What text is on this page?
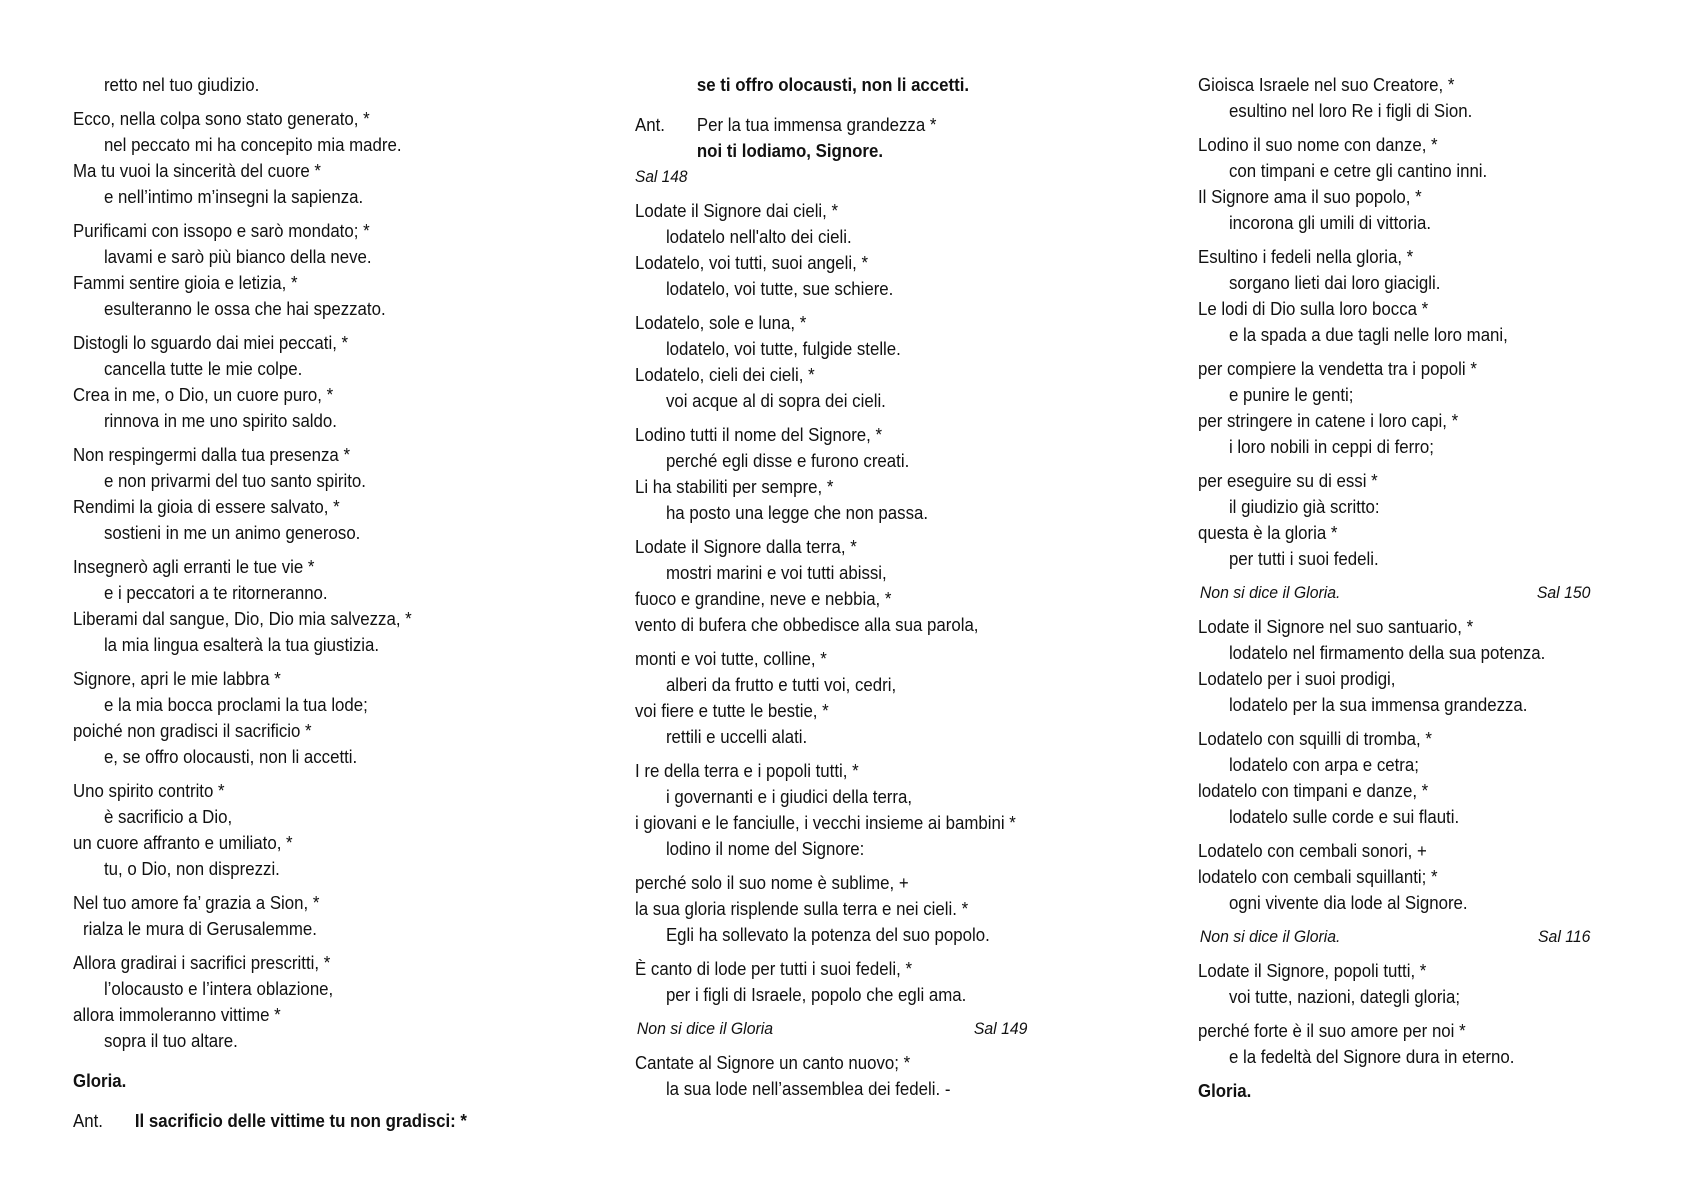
retto nel tuo giudizio.
Ecco, nella colpa sono stato generato, *
nel peccato mi ha concepito mia madre.
Ma tu vuoi la sincerità del cuore *
e nell’intimo m’insegni la sapienza.
Purificami con issopo e sarò mondato; *
lavami e sarò più bianco della neve.
Fammi sentire gioia e letizia, *
esulteranno le ossa che hai spezzato.
Distogli lo sguardo dai miei peccati, *
cancella tutte le mie colpe.
Crea in me, o Dio, un cuore puro, *
rinnova in me uno spirito saldo.
Non respingermi dalla tua presenza *
e non privarmi del tuo santo spirito.
Rendimi la gioia di essere salvato, *
sostieni in me un animo generoso.
Insegnerò agli erranti le tue vie *
e i peccatori a te ritorneranno.
Liberami dal sangue, Dio, Dio mia salvezza, *
la mia lingua esalterà la tua giustizia.
Signore, apri le mie labbra *
e la mia bocca proclami la tua lode;
poiché non gradisci il sacrificio *
e, se offro olocausti, non li accetti.
Uno spirito contrito *
è sacrificio a Dio,
un cuore affranto e umiliato, *
tu, o Dio, non disprezzi.
Nel tuo amore fa’ grazia a Sion, *
rialza le mura di Gerusalemme.
Allora gradirai i sacrifici prescritti, *
l’olocausto e l’intera oblazione,
allora immoleranno vittime *
sopra il tuo altare.
Gloria.
Ant.	Il sacrificio delle vittime tu non gradisci: *
se ti offro olocausti, non li accetti.
Ant.	Per la tua immensa grandezza *
noi ti lodiamo, Signore.
Sal 148
Lodate il Signore dai cieli, *
lodatelo nell'alto dei cieli.
Lodatelo, voi tutti, suoi angeli, *
lodatelo, voi tutte, sue schiere.
Lodatelo, sole e luna, *
lodatelo, voi tutte, fulgide stelle.
Lodatelo, cieli dei cieli, *
voi acque al di sopra dei cieli.
Lodino tutti il nome del Signore, *
perché egli disse e furono creati.
Li ha stabiliti per sempre, *
ha posto una legge che non passa.
Lodate il Signore dalla terra, *
mostri marini e voi tutti abissi,
fuoco e grandine, neve e nebbia, *
vento di bufera che obbedisce alla sua parola,
monti e voi tutte, colline, *
alberi da frutto e tutti voi, cedri,
voi fiere e tutte le bestie, *
rettili e uccelli alati.
I re della terra e i popoli tutti, *
i governanti e i giudici della terra,
i giovani e le fanciulle, i vecchi insieme ai bambini *
lodino il nome del Signore:
perché solo il suo nome è sublime, +
la sua gloria risplende sulla terra e nei cieli. *
Egli ha sollevato la potenza del suo popolo.
È canto di lode per tutti i suoi fedeli, *
per i figli di Israele, popolo che egli ama.
Non si dice il Gloria	Sal 149
Cantate al Signore un canto nuovo; *
la sua lode nell’assemblea dei fedeli. -
Gioisca Israele nel suo Creatore, *
esultino nel loro Re i figli di Sion.
Lodino il suo nome con danze, *
con timpani e cetre gli cantino inni.
Il Signore ama il suo popolo, *
incorona gli umili di vittoria.
Esultino i fedeli nella gloria, *
sorgano lieti dai loro giacigli.
Le lodi di Dio sulla loro bocca *
e la spada a due tagli nelle loro mani,
per compiere la vendetta tra i popoli *
e punire le genti;
per stringere in catene i loro capi, *
i loro nobili in ceppi di ferro;
per eseguire su di essi *
il giudizio già scritto:
questa è la gloria *
per tutti i suoi fedeli.
Non si dice il Gloria.	Sal 150
Lodate il Signore nel suo santuario, *
lodatelo nel firmamento della sua potenza.
Lodatelo per i suoi prodigi,
lodatelo per la sua immensa grandezza.
Lodatelo con squilli di tromba, *
lodatelo con arpa e cetra;
lodatelo con timpani e danze, *
lodatelo sulle corde e sui flauti.
Lodatelo con cembali sonori, +
lodatelo con cembali squillanti; *
ogni vivente dia lode al Signore.
Non si dice il Gloria.	Sal 116
Lodate il Signore, popoli tutti, *
voi tutte, nazioni, dategli gloria;
perché forte è il suo amore per noi *
e la fedeltà del Signore dura in eterno.
Gloria.
